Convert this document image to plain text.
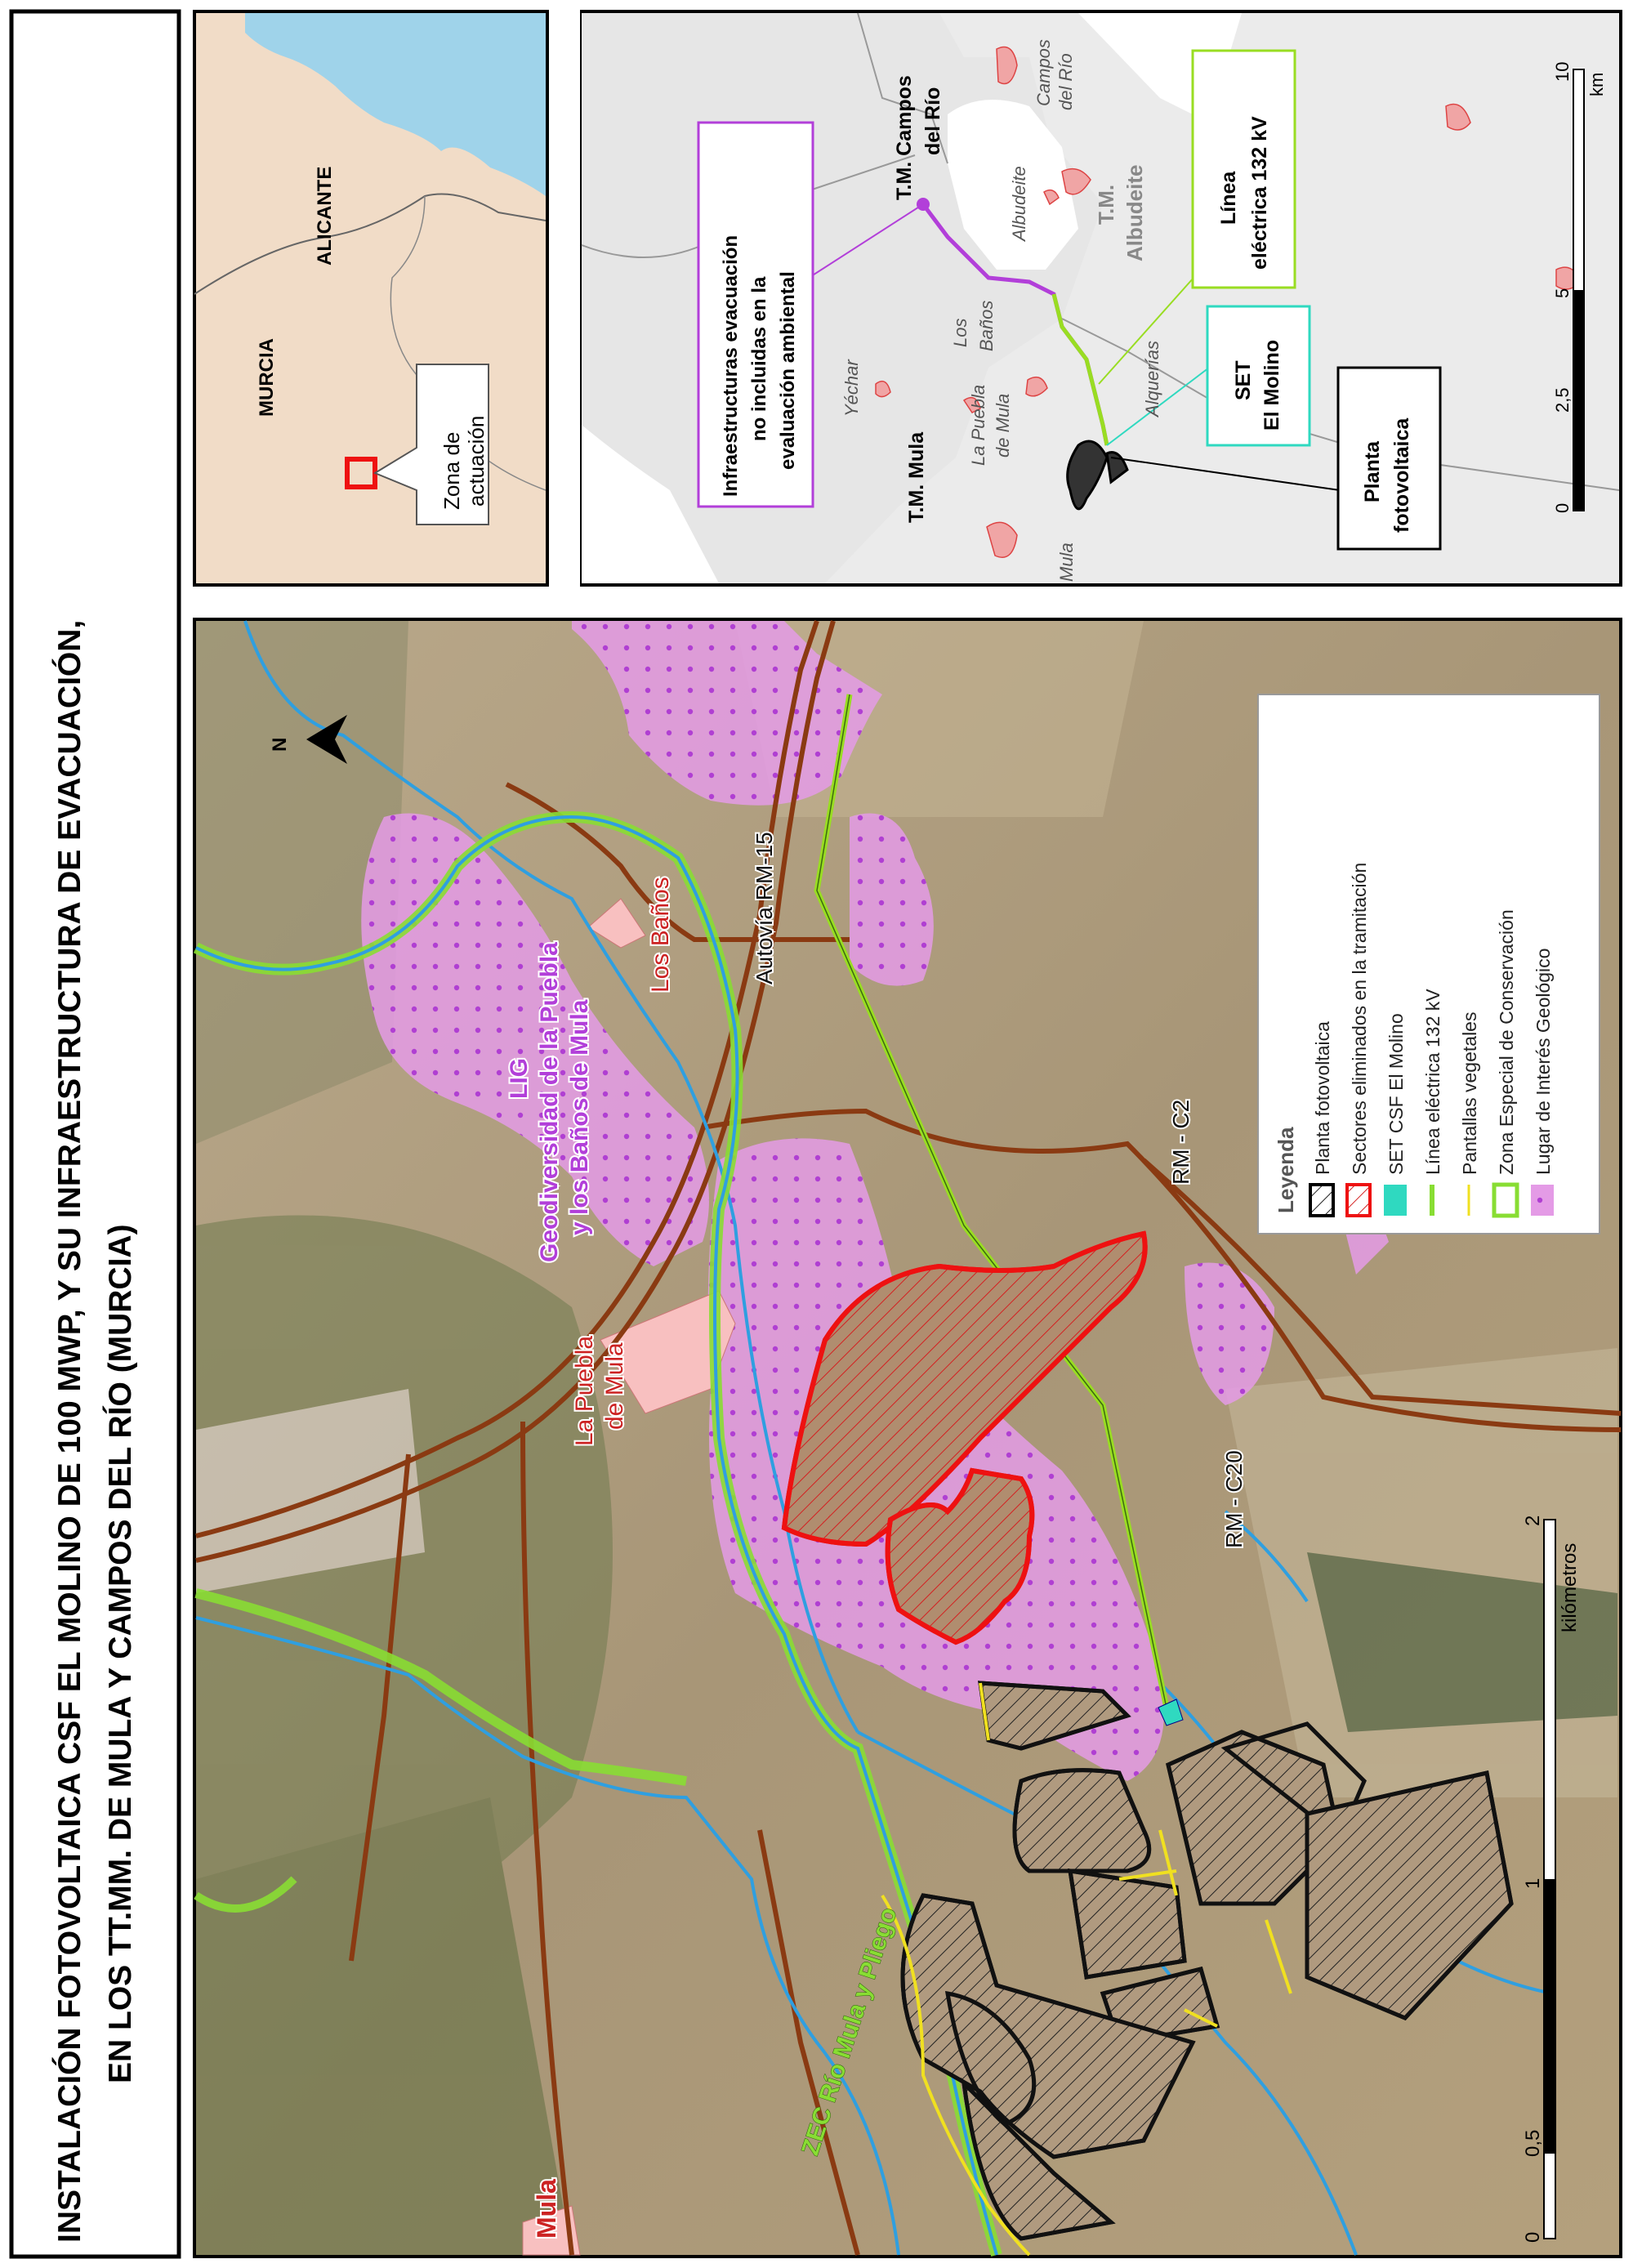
INSTALACIÓN FOTOVOLTAICA CSF EL MOLINO DE 100 MWP, Y SU INFRAESTRUCTURA DE EVACUACIÓN, EN LOS TT.MM. DE MULA Y CAMPOS DEL RÍO (MURCIA)
ALICANTE
MURCIA
Zona de actuación	Infraestructuras evacuación no incluidas en la evaluación ambiental
Línea eléctrica 132 kV
SET El Molino
Planta fotovoltaica
T.M. Campos del Río
T.M. Albudeite
T.M. Mula
Campos del Río
Albudeite
Los Baños
Yéchar	La Puebla de Mula
Alquerías
Mula
0
2,5
5
10
km
Leyenda Planta fotovoltaica Sectores eliminados en la tramitación SET CSF El Molino Línea eléctrica 132 kV Pantallas vegetales Zona Especial de Conservación Lugar de Interés Geológico
N
LIG Geodiversidad de la Puebla y los Baños de Mula
Los Baños
La Puebla de Mula
Autovía RM-15
RM - C2
RM - C20
ZEC Río Mula y Pliego
Mula	0
0,5
1
2
kilómetros
